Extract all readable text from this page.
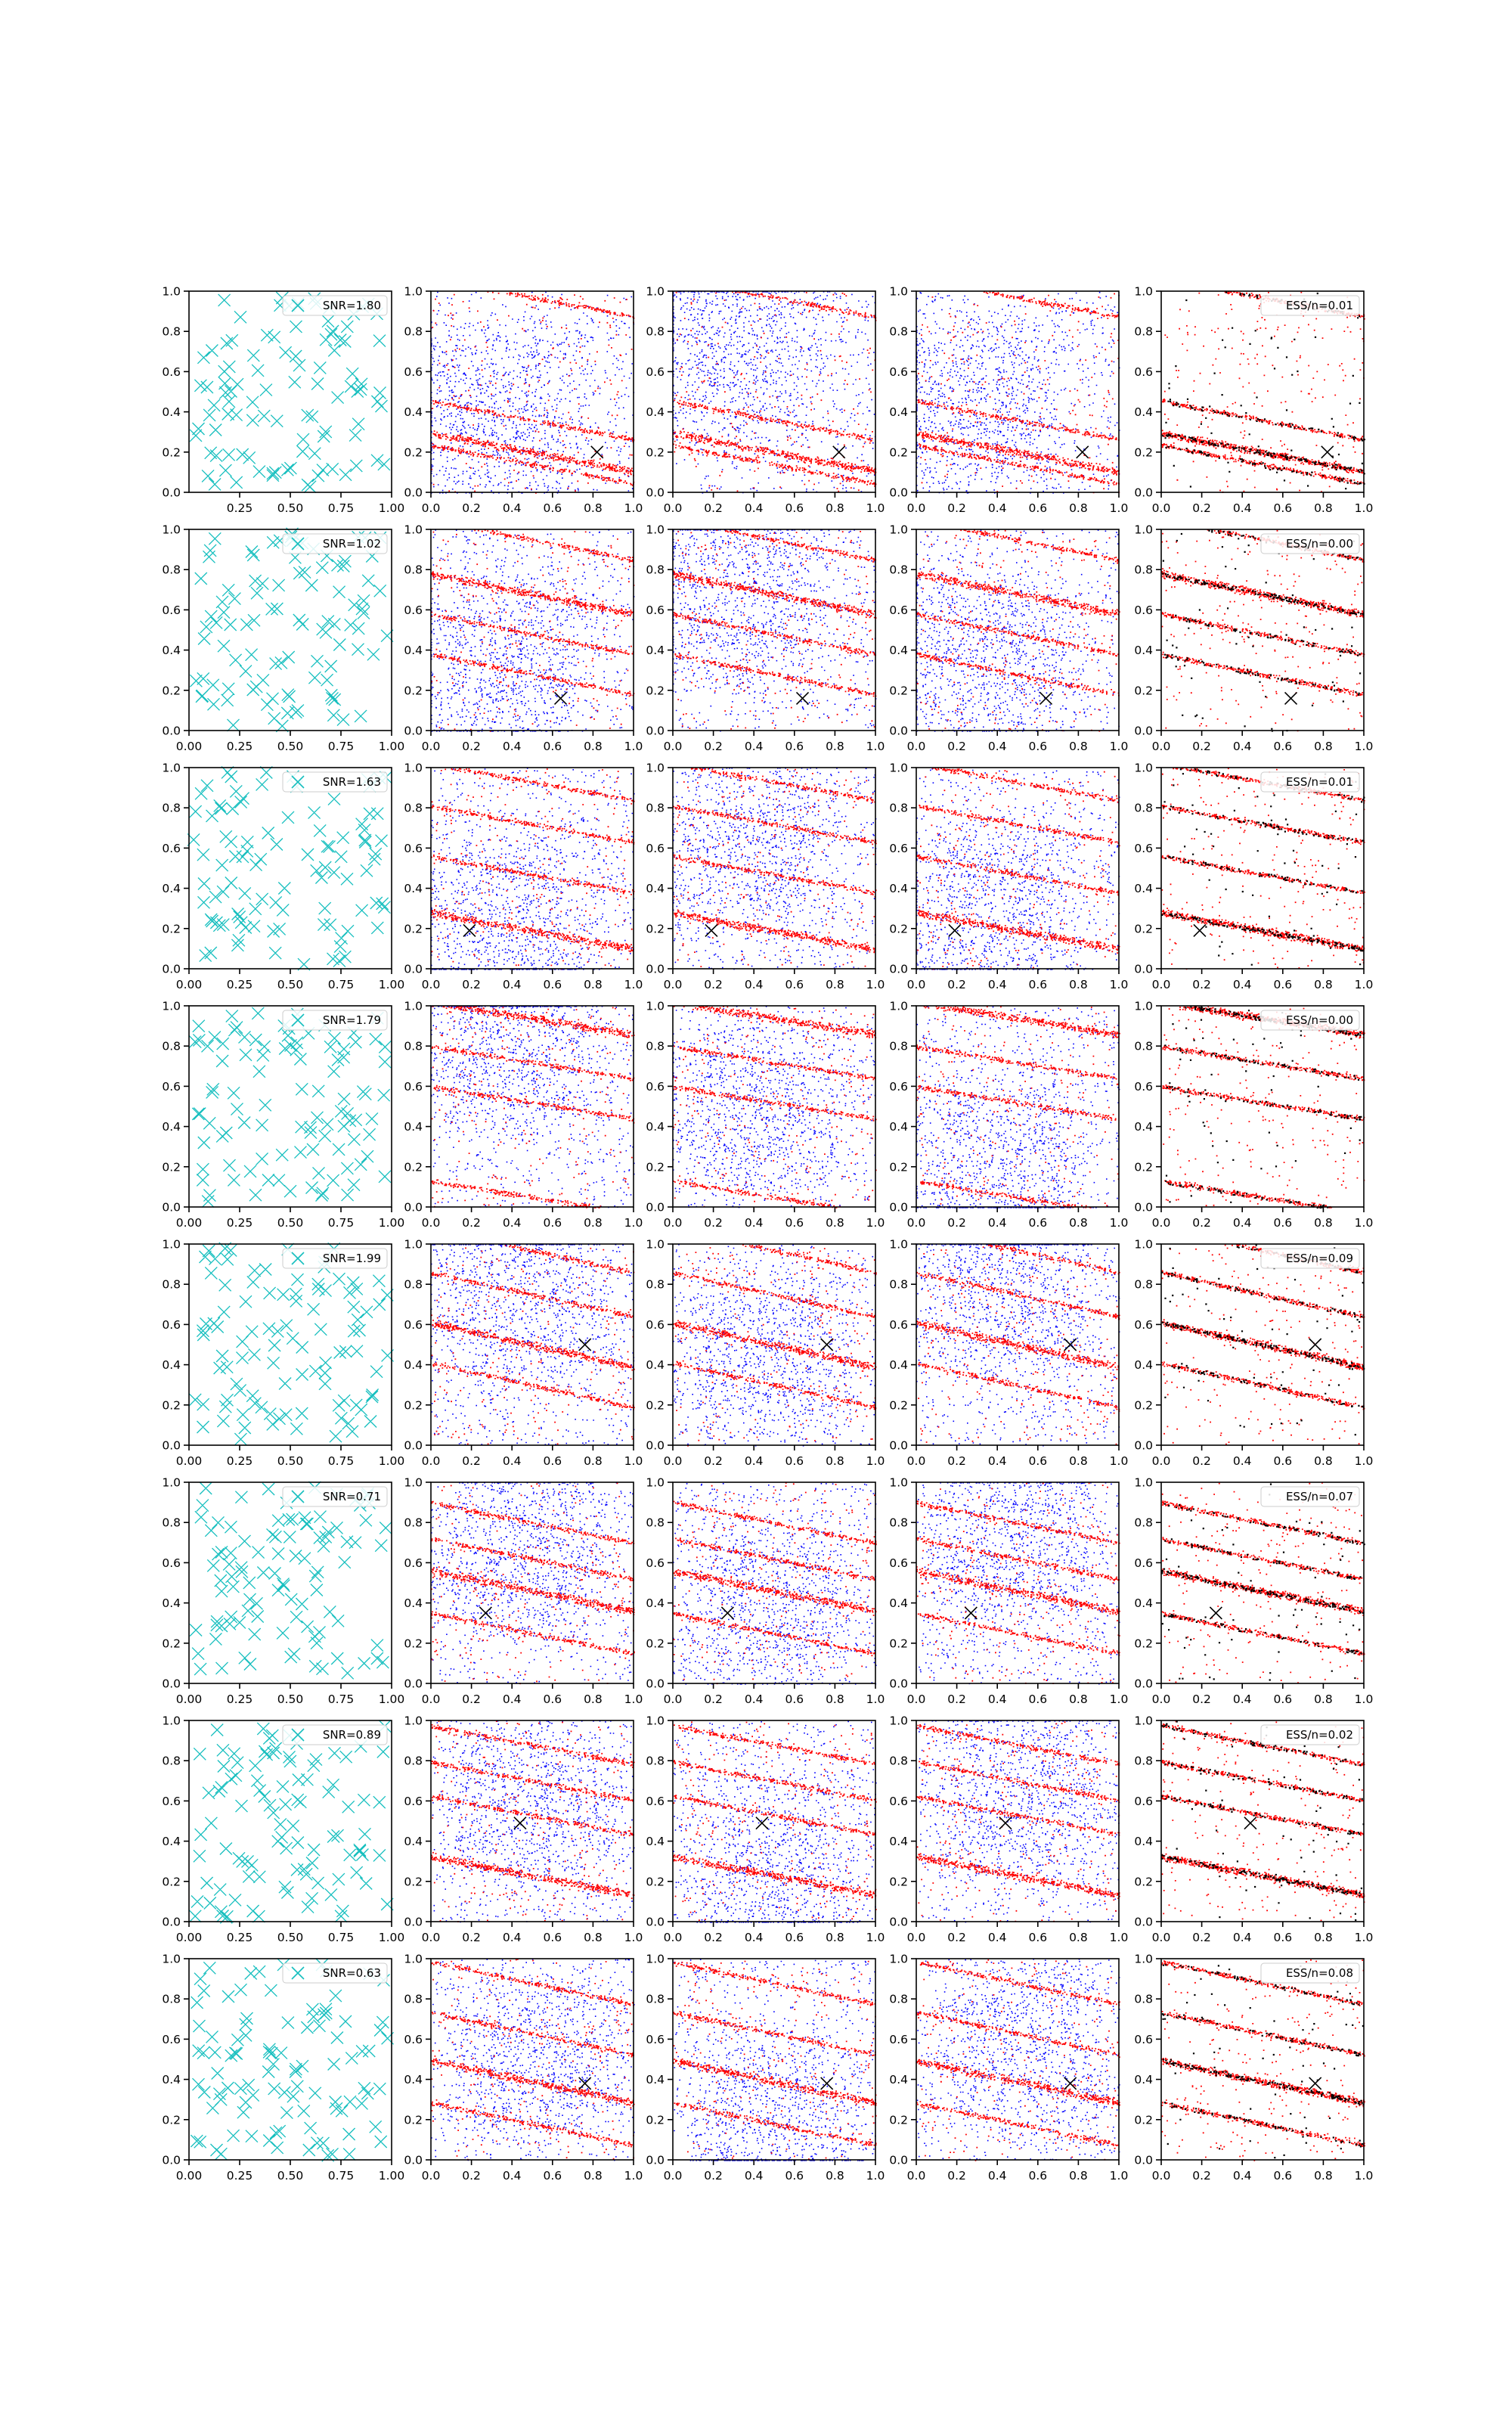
0.25 0.50 0.75 1.00
0.0
0.2
0.4
0.6
0.8
1.0
SNR=1.80
0.0 0.2 0.4 0.6 0.8 1.0
0.0
0.2
0.4
0.6
0.8
1.0
0.0 0.2 0.4 0.6 0.8 1.0
0.0
0.2
0.4
0.6
0.8
1.0
0.0 0.2 0.4 0.6 0.8 1.0
0.0
0.2
0.4
0.6
0.8
1.0
0.0 0.2 0.4 0.6 0.8 1.0
0.0
0.2
0.4
0.6
0.8
1.0
ESS/n=0.01
0.00 0.25 0.50 0.75 1.00
0.0
0.2
0.4
0.6
0.8
1.0
SNR=1.02
0.0 0.2 0.4 0.6 0.8 1.0
0.0
0.2
0.4
0.6
0.8
1.0
0.0 0.2 0.4 0.6 0.8 1.0
0.0
0.2
0.4
0.6
0.8
1.0
0.0 0.2 0.4 0.6 0.8 1.0
0.0
0.2
0.4
0.6
0.8
1.0
0.0 0.2 0.4 0.6 0.8 1.0
0.0
0.2
0.4
0.6
0.8
1.0
ESS/n=0.00
0.00 0.25 0.50 0.75 1.00
0.0
0.2
0.4
0.6
0.8
1.0
SNR=1.63
0.0 0.2 0.4 0.6 0.8 1.0
0.0
0.2
0.4
0.6
0.8
1.0
0.0 0.2 0.4 0.6 0.8 1.0
0.0
0.2
0.4
0.6
0.8
1.0
0.0 0.2 0.4 0.6 0.8 1.0
0.0
0.2
0.4
0.6
0.8
1.0
0.0 0.2 0.4 0.6 0.8 1.0
0.0
0.2
0.4
0.6
0.8
1.0
ESS/n=0.01
0.00 0.25 0.50 0.75 1.00
0.0
0.2
0.4
0.6
0.8
1.0
SNR=1.79
0.0 0.2 0.4 0.6 0.8 1.0
0.0
0.2
0.4
0.6
0.8
1.0
0.0 0.2 0.4 0.6 0.8 1.0
0.0
0.2
0.4
0.6
0.8
1.0
0.0 0.2 0.4 0.6 0.8 1.0
0.0
0.2
0.4
0.6
0.8
1.0
0.0 0.2 0.4 0.6 0.8 1.0
0.0
0.2
0.4
0.6
0.8
1.0
ESS/n=0.00
0.00 0.25 0.50 0.75 1.00
0.0
0.2
0.4
0.6
0.8
1.0
SNR=1.99
0.0 0.2 0.4 0.6 0.8 1.0
0.0
0.2
0.4
0.6
0.8
1.0
0.0 0.2 0.4 0.6 0.8 1.0
0.0
0.2
0.4
0.6
0.8
1.0
0.0 0.2 0.4 0.6 0.8 1.0
0.0
0.2
0.4
0.6
0.8
1.0
0.0 0.2 0.4 0.6 0.8 1.0
0.0
0.2
0.4
0.6
0.8
1.0
ESS/n=0.09
0.00 0.25 0.50 0.75 1.00
0.0
0.2
0.4
0.6
0.8
1.0
SNR=0.71
0.0 0.2 0.4 0.6 0.8 1.0
0.0
0.2
0.4
0.6
0.8
1.0
0.0 0.2 0.4 0.6 0.8 1.0
0.0
0.2
0.4
0.6
0.8
1.0
0.0 0.2 0.4 0.6 0.8 1.0
0.0
0.2
0.4
0.6
0.8
1.0
0.0 0.2 0.4 0.6 0.8 1.0
0.0
0.2
0.4
0.6
0.8
1.0
ESS/n=0.07
0.00 0.25 0.50 0.75 1.00
0.0
0.2
0.4
0.6
0.8
1.0
SNR=0.89
0.0 0.2 0.4 0.6 0.8 1.0
0.0
0.2
0.4
0.6
0.8
1.0
0.0 0.2 0.4 0.6 0.8 1.0
0.0
0.2
0.4
0.6
0.8
1.0
0.0 0.2 0.4 0.6 0.8 1.0
0.0
0.2
0.4
0.6
0.8
1.0
0.0 0.2 0.4 0.6 0.8 1.0
0.0
0.2
0.4
0.6
0.8
1.0
ESS/n=0.02
0.00 0.25 0.50 0.75 1.00
0.0
0.2
0.4
0.6
0.8
1.0
SNR=0.63
0.0 0.2 0.4 0.6 0.8 1.0
0.0
0.2
0.4
0.6
0.8
1.0
0.0 0.2 0.4 0.6 0.8 1.0
0.0
0.2
0.4
0.6
0.8
1.0
0.0 0.2 0.4 0.6 0.8 1.0
0.0
0.2
0.4
0.6
0.8
1.0
0.0 0.2 0.4 0.6 0.8 1.0
0.0
0.2
0.4
0.6
0.8
1.0
ESS/n=0.08
